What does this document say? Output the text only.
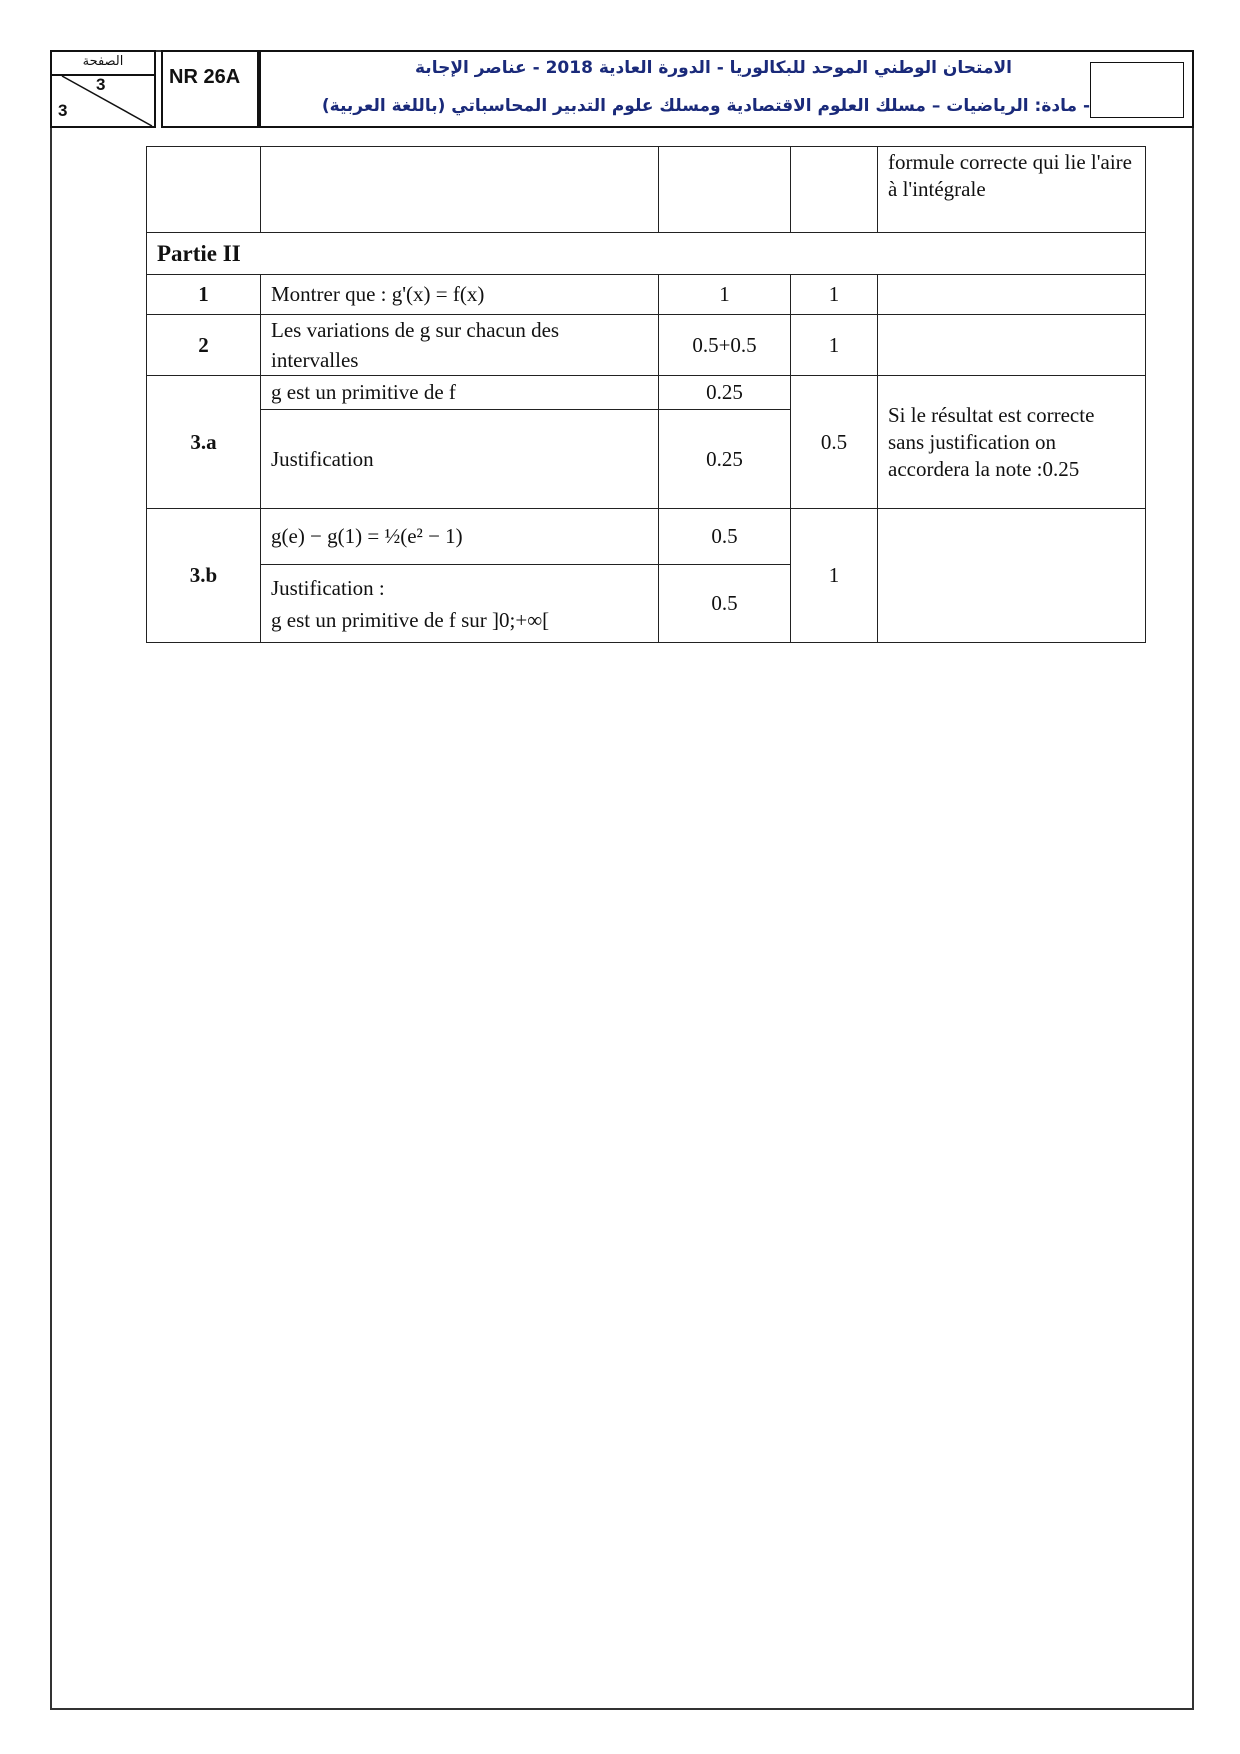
الصفحة
3
3
NR 26A	الامتحان الوطني الموحد للبكالوريا - الدورة العادية 2018 - عناصر الإجابة
- مادة: الرياضيات – مسلك العلوم الاقتصادية ومسلك علوم التدبير المحاسباتي (باللغة العربية)
				formule correcte qui lie l'aire à l'intégrale
Partie II				
1	Montrer que : g'(x) = f(x)	1	1	
2	Les variations de g sur chacun des intervalles	0.5+0.5	1	
3.a	g est un primitive de f	0.25	0.5	Si le résultat est correcte sans justification on accordera la note :0.25
	Justification	0.25		
3.b	g(e) − g(1) = ½(e² − 1)	0.5	1	

	Justification :
g est un primitive de f sur ]0;+∞[	0.5		
